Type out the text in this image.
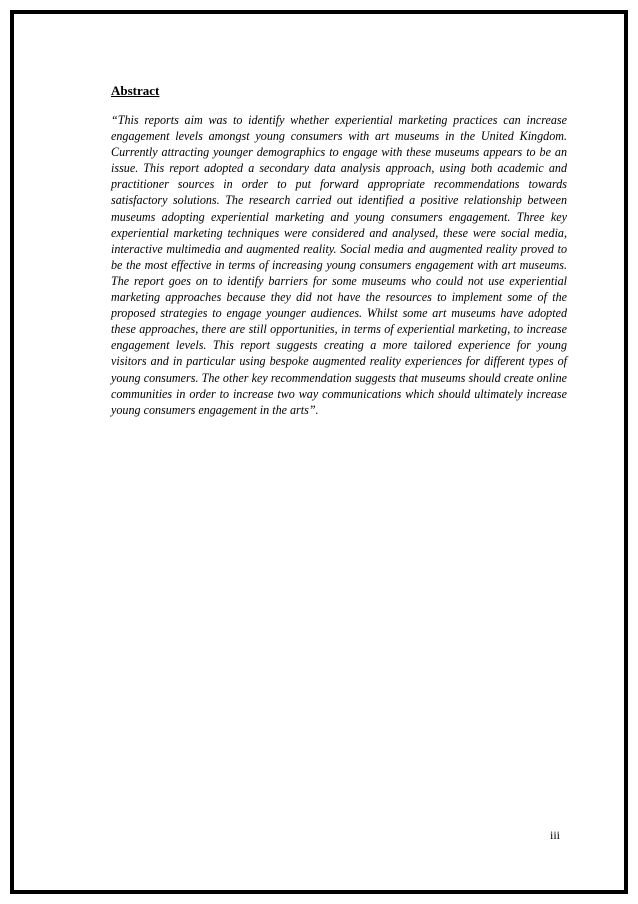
Abstract

“This reports aim was to identify whether experiential marketing practices can increase engagement levels amongst young consumers with art museums in the United Kingdom. Currently attracting younger demographics to engage with these museums appears to be an issue. This report adopted a secondary data analysis approach, using both academic and practitioner sources in order to put forward appropriate recommendations towards satisfactory solutions. The research carried out identified a positive relationship between museums adopting experiential marketing and young consumers engagement. Three key experiential marketing techniques were considered and analysed, these were social media, interactive multimedia and augmented reality. Social media and augmented reality proved to be the most effective in terms of increasing young consumers engagement with art museums. The report goes on to identify barriers for some museums who could not use experiential marketing approaches because they did not have the resources to implement some of the proposed strategies to engage younger audiences. Whilst some art museums have adopted these approaches, there are still opportunities, in terms of experiential marketing, to increase engagement levels. This report suggests creating a more tailored experience for young visitors and in particular using bespoke augmented reality experiences for different types of young consumers. The other key recommendation suggests that museums should create online communities in order to increase two way communications which should ultimately increase young consumers engagement in the arts”.

iii
